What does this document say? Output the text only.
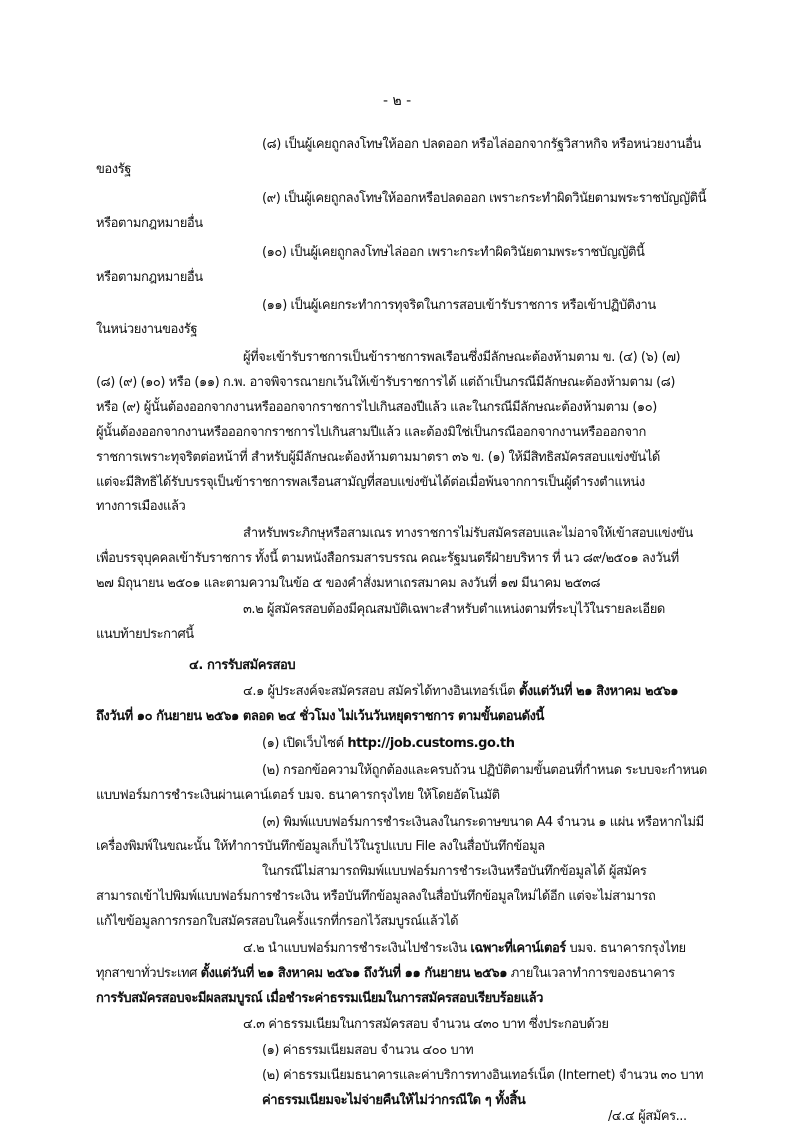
- ๒ -
(๘) เป็นผู้เคยถูกลงโทษให้ออก ปลดออก หรือไล่ออกจากรัฐวิสาหกิจ หรือหน่วยงานอื่น
ของรัฐ
(๙) เป็นผู้เคยถูกลงโทษให้ออกหรือปลดออก เพราะกระทำผิดวินัยตามพระราชบัญญัตินี้
หรือตามกฎหมายอื่น
(๑๐) เป็นผู้เคยถูกลงโทษไล่ออก เพราะกระทำผิดวินัยตามพระราชบัญญัตินี้
หรือตามกฎหมายอื่น
(๑๑) เป็นผู้เคยกระทำการทุจริตในการสอบเข้ารับราชการ หรือเข้าปฏิบัติงาน
ในหน่วยงานของรัฐ
ผู้ที่จะเข้ารับราชการเป็นข้าราชการพลเรือนซึ่งมีลักษณะต้องห้ามตาม ข. (๔) (๖) (๗)
(๘) (๙) (๑๐) หรือ (๑๑) ก.พ. อาจพิจารณายกเว้นให้เข้ารับราชการได้ แต่ถ้าเป็นกรณีมีลักษณะต้องห้ามตาม (๘)
หรือ (๙) ผู้นั้นต้องออกจากงานหรือออกจากราชการไปเกินสองปีแล้ว และในกรณีมีลักษณะต้องห้ามตาม (๑๐)
ผู้นั้นต้องออกจากงานหรือออกจากราชการไปเกินสามปีแล้ว และต้องมิใช่เป็นกรณีออกจากงานหรือออกจาก
ราชการเพราะทุจริตต่อหน้าที่ สำหรับผู้มีลักษณะต้องห้ามตามมาตรา ๓๖ ข. (๑) ให้มีสิทธิสมัครสอบแข่งขันได้
แต่จะมีสิทธิได้รับบรรจุเป็นข้าราชการพลเรือนสามัญที่สอบแข่งขันได้ต่อเมื่อพ้นจากการเป็นผู้ดำรงตำแหน่ง
ทางการเมืองแล้ว
สำหรับพระภิกษุหรือสามเณร ทางราชการไม่รับสมัครสอบและไม่อาจให้เข้าสอบแข่งขัน
เพื่อบรรจุบุคคลเข้ารับราชการ ทั้งนี้ ตามหนังสือกรมสารบรรณ คณะรัฐมนตรีฝ่ายบริหาร ที่ นว ๘๙/๒๕๐๑ ลงวันที่
๒๗ มิถุนายน ๒๕๐๑ และตามความในข้อ ๕ ของคำสั่งมหาเถรสมาคม ลงวันที่ ๑๗ มีนาคม ๒๕๓๘
๓.๒ ผู้สมัครสอบต้องมีคุณสมบัติเฉพาะสำหรับตำแหน่งตามที่ระบุไว้ในรายละเอียด
แนบท้ายประกาศนี้
๔. การรับสมัครสอบ
๔.๑ ผู้ประสงค์จะสมัครสอบ สมัครได้ทางอินเทอร์เน็ต ตั้งแต่วันที่ ๒๑ สิงหาคม ๒๕๖๑
ถึงวันที่ ๑๐ กันยายน ๒๕๖๑ ตลอด ๒๔ ชั่วโมง ไม่เว้นวันหยุดราชการ ตามขั้นตอนดังนี้
(๑) เปิดเว็บไซต์ http://job.customs.go.th
(๒) กรอกข้อความให้ถูกต้องและครบถ้วน ปฏิบัติตามขั้นตอนที่กำหนด ระบบจะกำหนด
แบบฟอร์มการชำระเงินผ่านเคาน์เตอร์ บมจ. ธนาคารกรุงไทย ให้โดยอัตโนมัติ
(๓) พิมพ์แบบฟอร์มการชำระเงินลงในกระดาษขนาด A4 จำนวน ๑ แผ่น หรือหากไม่มี
เครื่องพิมพ์ในขณะนั้น ให้ทำการบันทึกข้อมูลเก็บไว้ในรูปแบบ File ลงในสื่อบันทึกข้อมูล
ในกรณีไม่สามารถพิมพ์แบบฟอร์มการชำระเงินหรือบันทึกข้อมูลได้ ผู้สมัคร
สามารถเข้าไปพิมพ์แบบฟอร์มการชำระเงิน หรือบันทึกข้อมูลลงในสื่อบันทึกข้อมูลใหม่ได้อีก แต่จะไม่สามารถ
แก้ไขข้อมูลการกรอกใบสมัครสอบในครั้งแรกที่กรอกไว้สมบูรณ์แล้วได้
๔.๒ นำแบบฟอร์มการชำระเงินไปชำระเงิน เฉพาะที่เคาน์เตอร์ บมจ. ธนาคารกรุงไทย
ทุกสาขาทั่วประเทศ ตั้งแต่วันที่ ๒๑ สิงหาคม ๒๕๖๑ ถึงวันที่ ๑๑ กันยายน ๒๕๖๑ ภายในเวลาทำการของธนาคาร
การรับสมัครสอบจะมีผลสมบูรณ์ เมื่อชำระค่าธรรมเนียมในการสมัครสอบเรียบร้อยแล้ว
๔.๓ ค่าธรรมเนียมในการสมัครสอบ จำนวน ๔๓๐ บาท ซึ่งประกอบด้วย
(๑) ค่าธรรมเนียมสอบ จำนวน ๔๐๐ บาท
(๒) ค่าธรรมเนียมธนาคารและค่าบริการทางอินเทอร์เน็ต (Internet) จำนวน ๓๐ บาท
ค่าธรรมเนียมจะไม่จ่ายคืนให้ไม่ว่ากรณีใด ๆ ทั้งสิ้น
/๔.๔ ผู้สมัคร...
